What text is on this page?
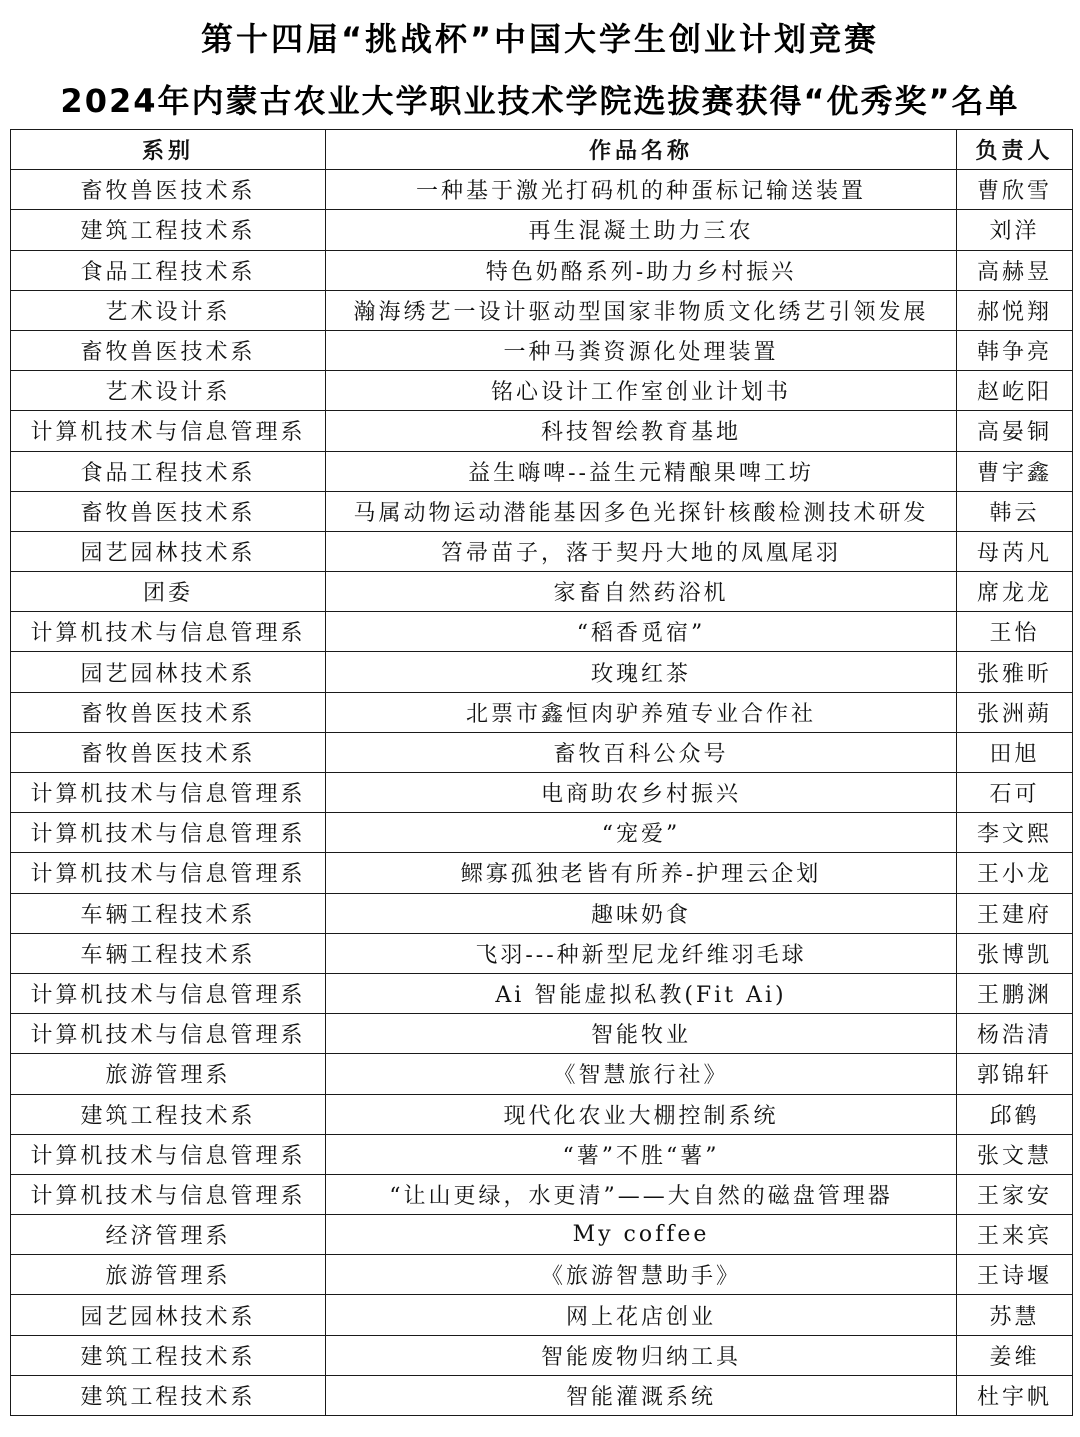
第十四届“挑战杯”中国大学生创业计划竞赛
2024年内蒙古农业大学职业技术学院选拔赛获得“优秀奖”名单
系别	作品名称	负责人
畜牧兽医技术系	一种基于激光打码机的种蛋标记输送装置	曹欣雪
建筑工程技术系	再生混凝土助力三农	刘洋
食品工程技术系	特色奶酪系列-助力乡村振兴	高赫昱
艺术设计系	瀚海绣艺一设计驱动型国家非物质文化绣艺引领发展	郝悦翔
畜牧兽医技术系	一种马粪资源化处理装置	韩争亮
艺术设计系	铭心设计工作室创业计划书	赵屹阳
计算机技术与信息管理系	科技智绘教育基地	高晏铜
食品工程技术系	益生嗨啤--益生元精酿果啤工坊	曹宇鑫
畜牧兽医技术系	马属动物运动潜能基因多色光探针核酸检测技术研发	韩云
园艺园林技术系	笤帚苗子，落于契丹大地的凤凰尾羽	母芮凡
团委	家畜自然药浴机	席龙龙
计算机技术与信息管理系	“稻香觅宿”	王怡
园艺园林技术系	玫瑰红茶	张雅昕
畜牧兽医技术系	北票市鑫恒肉驴养殖专业合作社	张洲蒴
畜牧兽医技术系	畜牧百科公众号	田旭
计算机技术与信息管理系	电商助农乡村振兴	石可
计算机技术与信息管理系	“宠爱”	李文熙
计算机技术与信息管理系	鳏寡孤独老皆有所养-护理云企划	王小龙
车辆工程技术系	趣味奶食	王建府
车辆工程技术系	飞羽---种新型尼龙纤维羽毛球	张博凯
计算机技术与信息管理系	Ai 智能虚拟私教(Fit Ai)	王鹏渊
计算机技术与信息管理系	智能牧业	杨浩清
旅游管理系	《智慧旅行社》	郭锦轩
建筑工程技术系	现代化农业大棚控制系统	邱鹤
计算机技术与信息管理系	“薯”不胜“薯”	张文慧
计算机技术与信息管理系	“让山更绿，水更清”——大自然的磁盘管理器	王家安
经济管理系	My coffee	王来宾
旅游管理系	《旅游智慧助手》	王诗堰
园艺园林技术系	网上花店创业	苏慧
建筑工程技术系	智能废物归纳工具	姜维
建筑工程技术系	智能灌溉系统	杜宇帆
